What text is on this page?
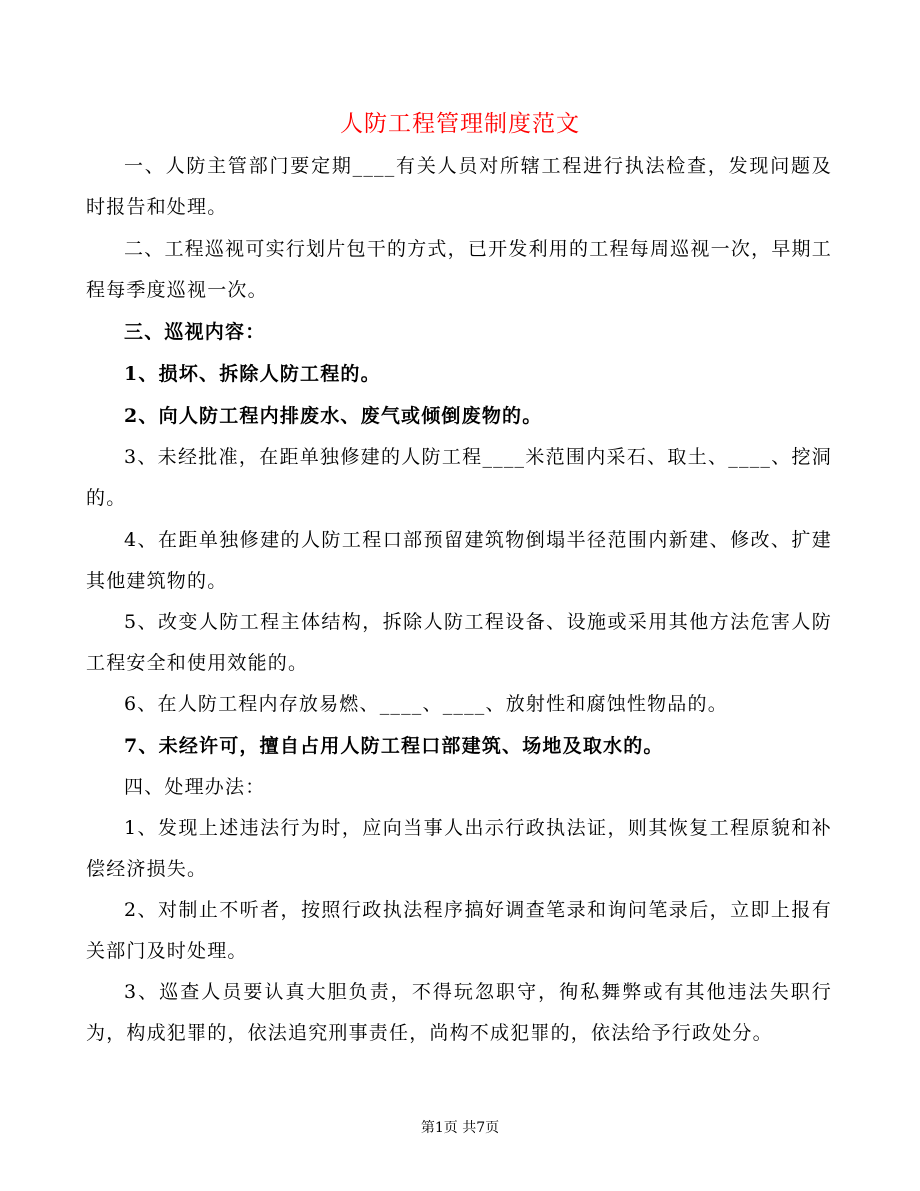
人防工程管理制度范文
一、人防主管部门要定期____有关人员对所辖工程进行执法检查，发现问题及时报告和处理。
二、工程巡视可实行划片包干的方式，已开发利用的工程每周巡视一次，早期工程每季度巡视一次。
三、巡视内容：
1、损坏、拆除人防工程的。
2、向人防工程内排废水、废气或倾倒废物的。
3、未经批准，在距单独修建的人防工程____米范围内采石、取土、____、挖洞的。
4、在距单独修建的人防工程口部预留建筑物倒塌半径范围内新建、修改、扩建其他建筑物的。
5、改变人防工程主体结构，拆除人防工程设备、设施或采用其他方法危害人防工程安全和使用效能的。
6、在人防工程内存放易燃、____、____、放射性和腐蚀性物品的。
7、未经许可，擅自占用人防工程口部建筑、场地及取水的。
四、处理办法：
1、发现上述违法行为时，应向当事人出示行政执法证，则其恢复工程原貌和补偿经济损失。
2、对制止不听者，按照行政执法程序搞好调查笔录和询问笔录后，立即上报有关部门及时处理。
3、巡查人员要认真大胆负责，不得玩忽职守，徇私舞弊或有其他违法失职行为，构成犯罪的，依法追究刑事责任，尚构不成犯罪的，依法给予行政处分。
第1页 共7页
